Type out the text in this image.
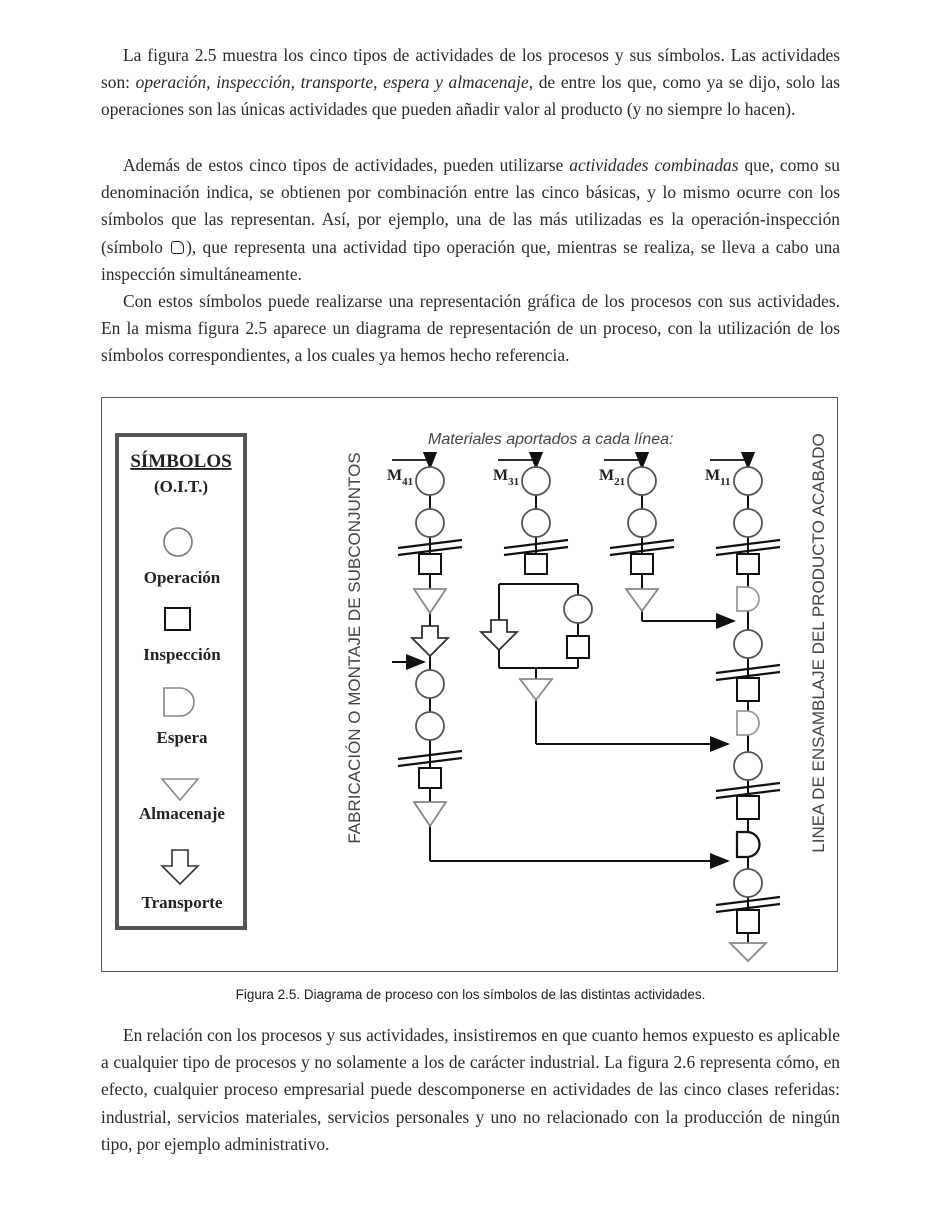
La figura 2.5 muestra los cinco tipos de actividades de los procesos y sus símbolos. Las actividades son: operación, inspección, transporte, espera y almacenaje, de entre los que, como ya se dijo, solo las operaciones son las únicas actividades que pueden añadir valor al producto (y no siempre lo hacen).

Además de estos cinco tipos de actividades, pueden utilizarse actividades combinadas que, como su denominación indica, se obtienen por combinación entre las cinco básicas, y lo mismo ocurre con los símbolos que las representan. Así, por ejemplo, una de las más utilizadas es la operación-inspección (símbolo ), que representa una actividad tipo operación que, mientras se realiza, se lleva a cabo una inspección simultáneamente.

Con estos símbolos puede realizarse una representación gráfica de los procesos con sus actividades. En la misma figura 2.5 aparece un diagrama de representación de un proceso, con la utilización de los símbolos correspondientes, a los cuales ya hemos hecho referencia.

SÍMBOLOS
(O.I.T.)
Operación
Inspección
Espera
Almacenaje
Transporte
FABRICACIÓN O MONTAJE DE SUBCONJUNTOS	LINEA DE ENSAMBLAJE DEL PRODUCTO ACABADO
Materiales aportados a cada línea:
$M_{41}$	$M_{31}$	$M_{21}$	$M_{11}$
Figura 2.5. Diagrama de proceso con los símbolos de las distintas actividades.

En relación con los procesos y sus actividades, insistiremos en que cuanto hemos expuesto es aplicable a cualquier tipo de procesos y no solamente a los de carácter industrial. La figura 2.6 representa cómo, en efecto, cualquier proceso empresarial puede descomponerse en actividades de las cinco clases referidas: industrial, servicios materiales, servicios personales y uno no relacionado con la producción de ningún tipo, por ejemplo administrativo.
